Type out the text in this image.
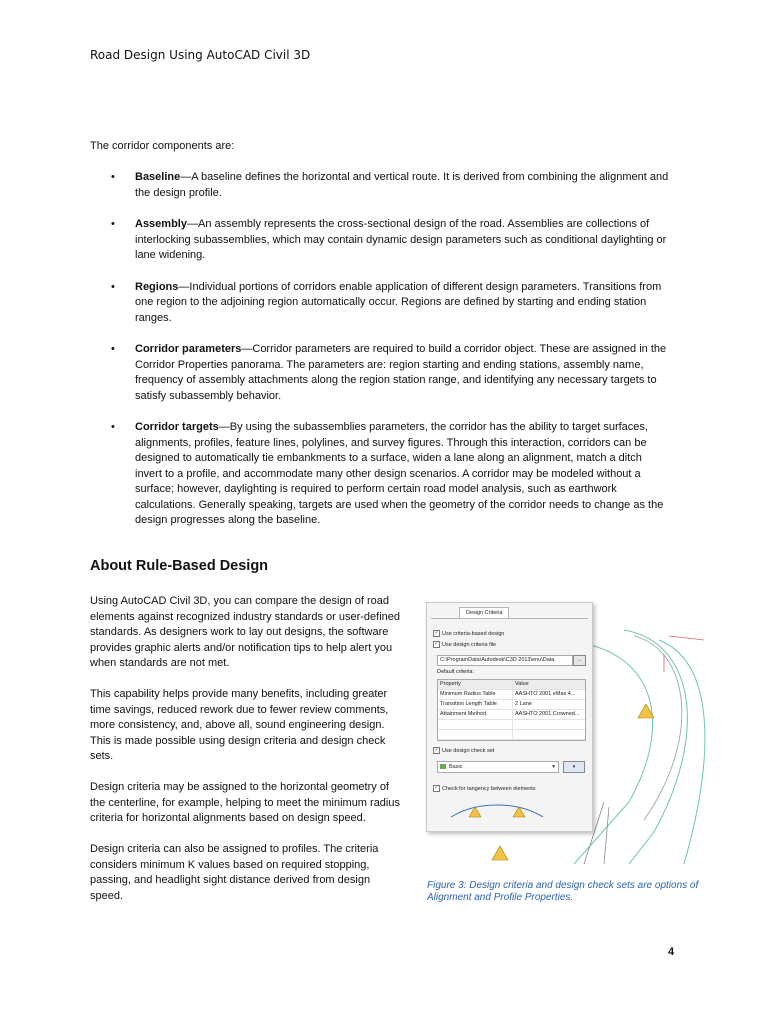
Road Design Using AutoCAD Civil 3D
The corridor components are:
• Baseline—A baseline defines the horizontal and vertical route. It is derived from combining the alignment and the design profile.
• Assembly—An assembly represents the cross-sectional design of the road. Assemblies are collections of interlocking subassemblies, which may contain dynamic design parameters such as conditional daylighting or lane widening.
• Regions—Individual portions of corridors enable application of different design parameters. Transitions from one region to the adjoining region automatically occur. Regions are defined by starting and ending station ranges.
• Corridor parameters—Corridor parameters are required to build a corridor object. These are assigned in the Corridor Properties panorama. The parameters are: region starting and ending stations, assembly name, frequency of assembly attachments along the region station range, and identifying any necessary targets to satisfy subassembly behavior.
• Corridor targets—By using the subassemblies parameters, the corridor has the ability to target surfaces, alignments, profiles, feature lines, polylines, and survey figures. Through this interaction, corridors can be designed to automatically tie embankments to a surface, widen a lane along an alignment, match a ditch invert to a profile, and accommodate many other design scenarios. A corridor may be modeled without a surface; however, daylighting is required to perform certain road model analysis, such as earthwork calculations. Generally speaking, targets are used when the geometry of the corridor needs to change as the design progresses along the baseline.
About Rule-Based Design

Using AutoCAD Civil 3D, you can compare the design of road elements against recognized industry standards or user-defined standards. As designers work to lay out designs, the software provides graphic alerts and/or notification tips to help alert you when standards are not met.

This capability helps provide many benefits, including greater time savings, reduced rework due to fewer review comments, more consistency, and, above all, sound engineering design. This is made possible using design criteria and design check sets.

Design criteria may be assigned to the horizontal geometry of the centerline, for example, helping to meet the minimum radius criteria for horizontal alignments based on design speed.

Design criteria can also be assigned to profiles. The criteria considers minimum K values based on required stopping, passing, and headlight sight distance derived from design speed.

Design Criteria
✓ Use criteria-based design
✓ Use design criteria file
C:\ProgramData\Autodesk\C3D 2013\enu\Data	...
Default criteria:
Property	Value
Minimum Radius Table	AASHTO 2001 eMax 4...
Transition Length Table	2 Lane
Attainment Method	AASHTO 2001 Crowned...
✓ Use design check set
Basic	▾	▾
✓ Check for tangency between elements
Figure 3: Design criteria and design check sets are options of Alignment and Profile Properties.
4
